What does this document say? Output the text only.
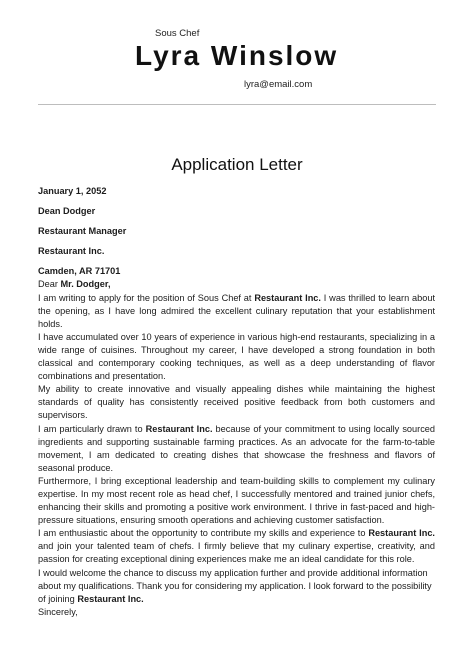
Sous Chef
Lyra Winslow
lyra@email.com
Application Letter
January 1, 2052
Dean Dodger
Restaurant Manager
Restaurant Inc.
Camden, AR 71701

Dear Mr. Dodger,

I am writing to apply for the position of Sous Chef at Restaurant Inc. I was thrilled to learn about the opening, as I have long admired the excellent culinary reputation that your establishment holds.

I have accumulated over 10 years of experience in various high-end restaurants, specializing in a wide range of cuisines. Throughout my career, I have developed a strong foundation in both classical and contemporary cooking techniques, as well as a deep understanding of flavor combinations and presentation.

My ability to create innovative and visually appealing dishes while maintaining the highest standards of quality has consistently received positive feedback from both customers and supervisors.

I am particularly drawn to Restaurant Inc. because of your commitment to using locally sourced ingredients and supporting sustainable farming practices. As an advocate for the farm-to-table movement, I am dedicated to creating dishes that showcase the freshness and flavors of seasonal produce.

Furthermore, I bring exceptional leadership and team-building skills to complement my culinary expertise. In my most recent role as head chef, I successfully mentored and trained junior chefs, enhancing their skills and promoting a positive work environment. I thrive in fast-paced and high-pressure situations, ensuring smooth operations and achieving customer satisfaction.

I am enthusiastic about the opportunity to contribute my skills and experience to Restaurant Inc. and join your talented team of chefs. I firmly believe that my culinary expertise, creativity, and passion for creating exceptional dining experiences make me an ideal candidate for this role.

I would welcome the chance to discuss my application further and provide additional information about my qualifications. Thank you for considering my application. I look forward to the possibility of joining Restaurant Inc.

Sincerely,
